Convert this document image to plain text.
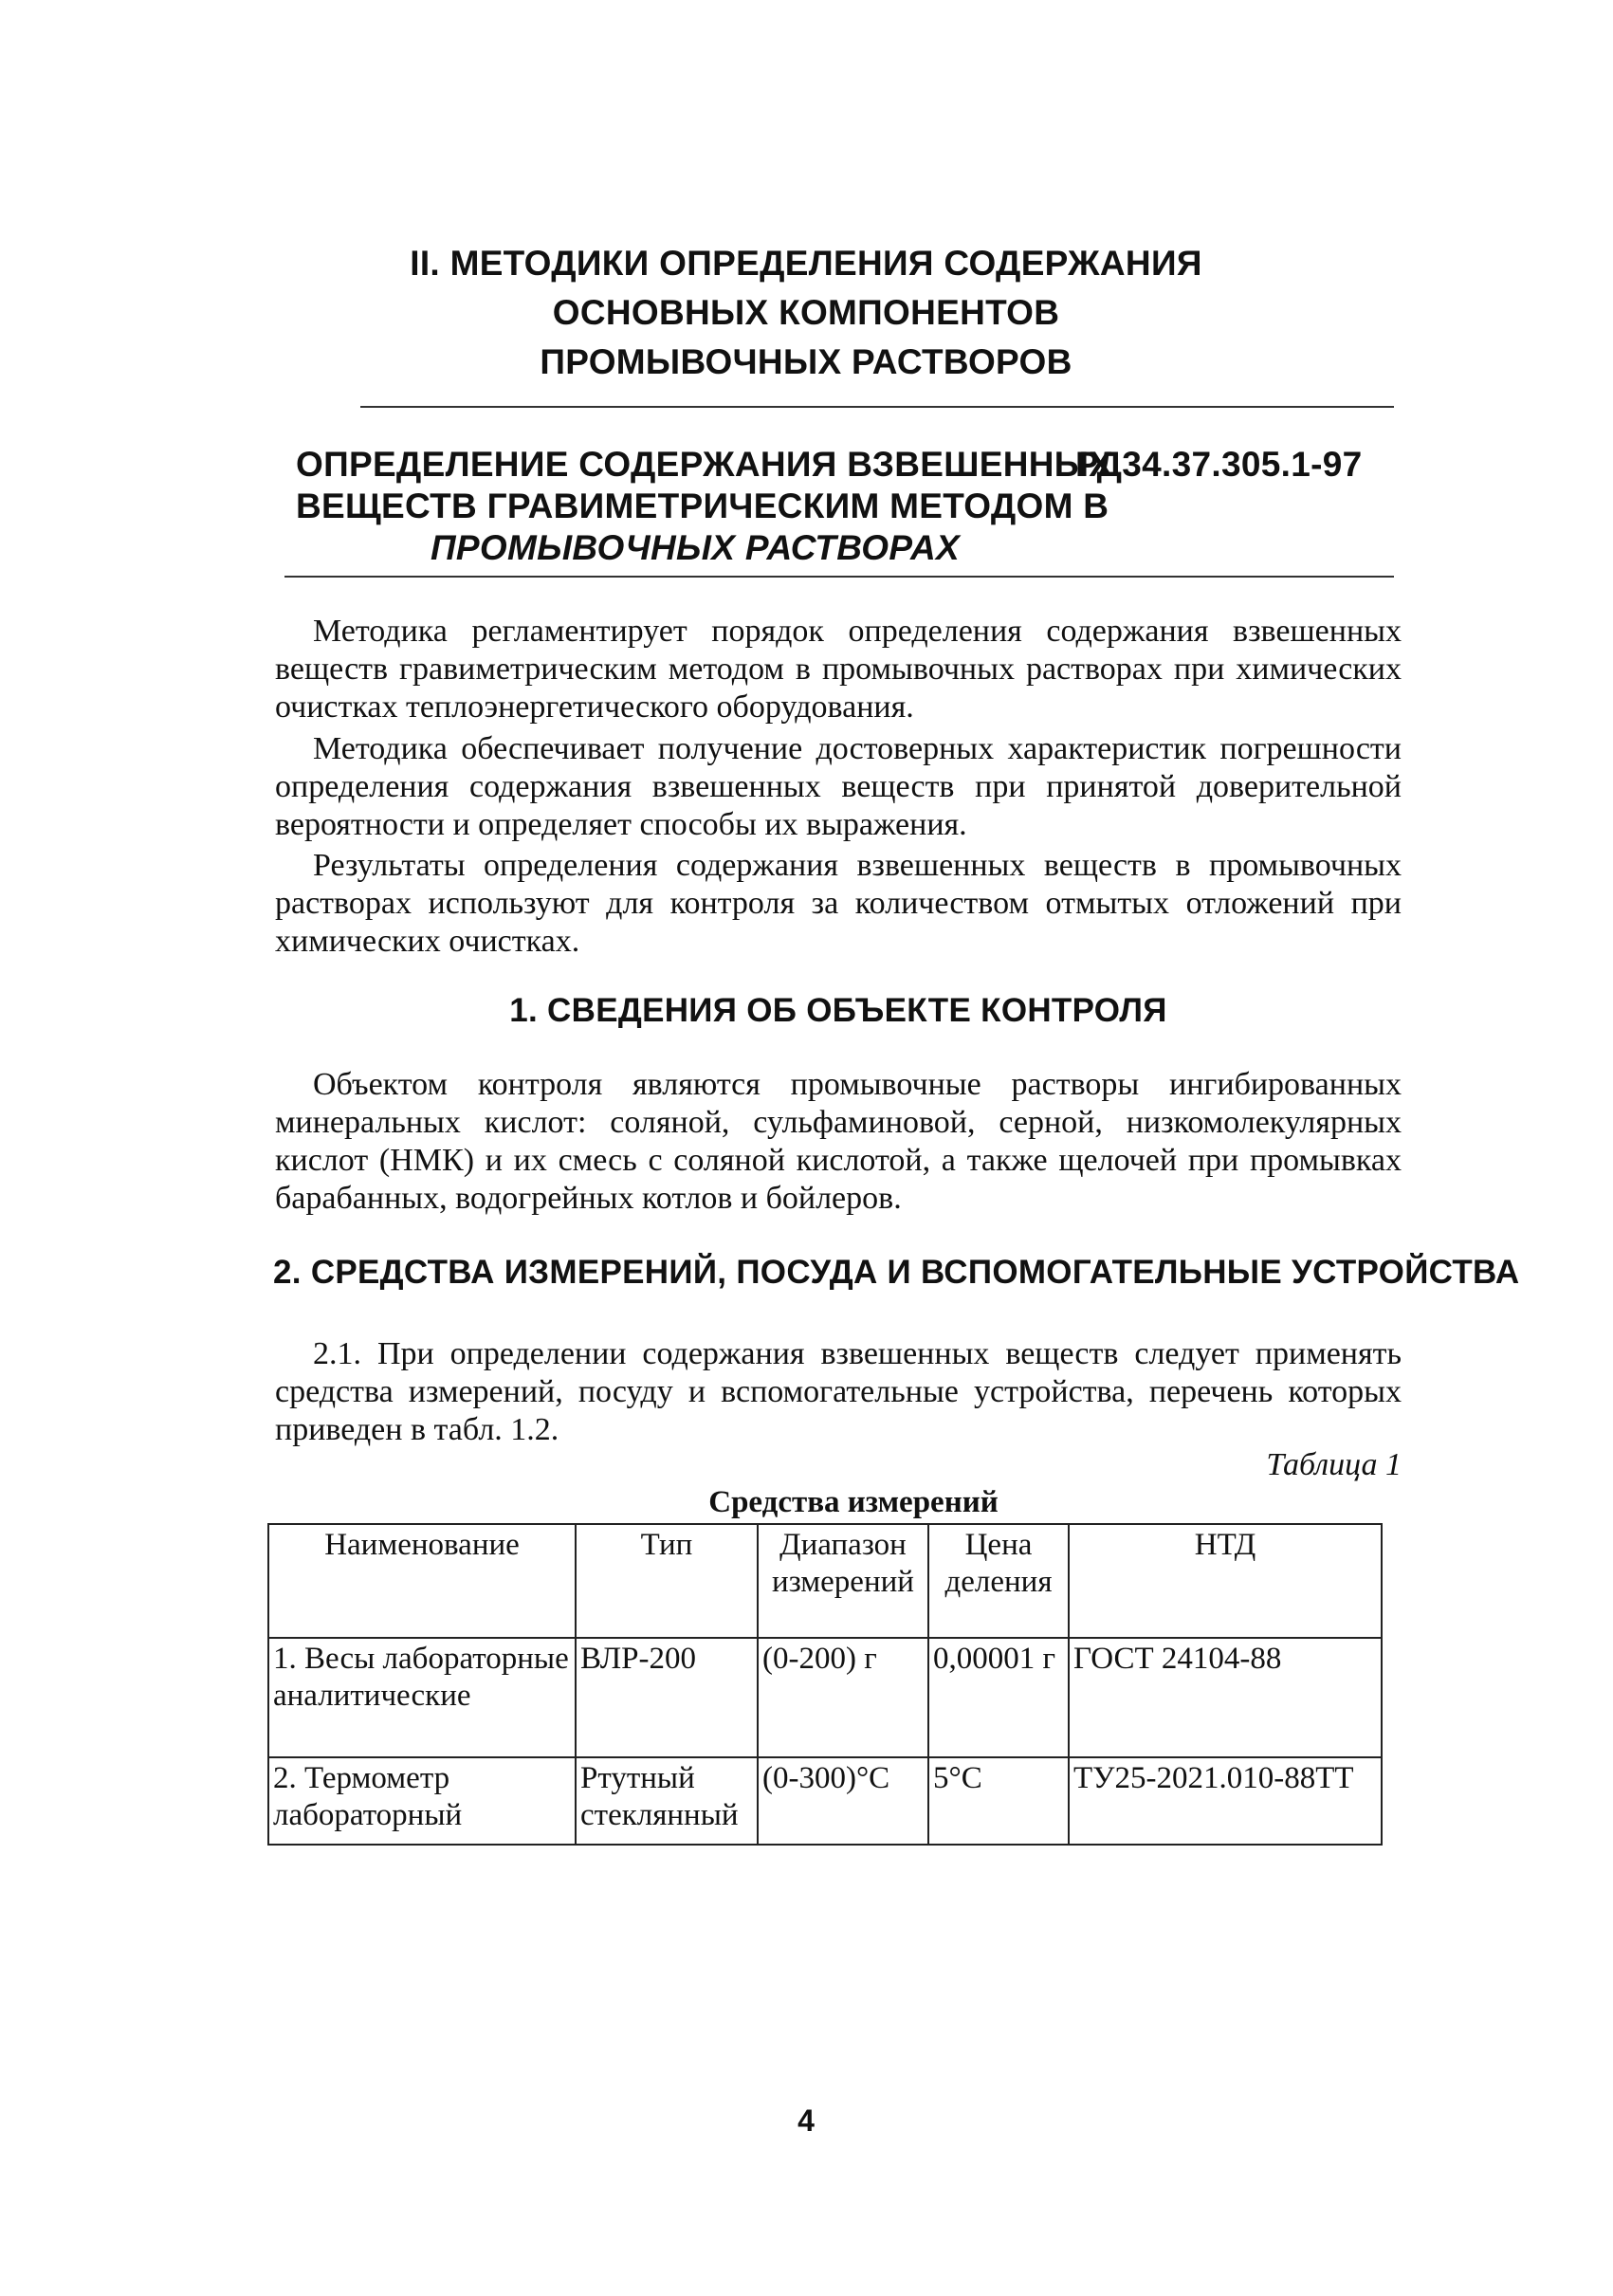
II. МЕТОДИКИ ОПРЕДЕЛЕНИЯ СОДЕРЖАНИЯ
ОСНОВНЫХ КОМПОНЕНТОВ
ПРОМЫВОЧНЫХ РАСТВОРОВ
ОПРЕДЕЛЕНИЕ СОДЕРЖАНИЯ ВЗВЕШЕННЫХ
РД34.37.305.1-97
ВЕЩЕСТВ ГРАВИМЕТРИЧЕСКИМ МЕТОДОМ В
ПРОМЫВОЧНЫХ РАСТВОРАХ
Методика регламентирует порядок определения содержания взвешенных веществ гравиметрическим методом в промывочных растворах при химических очистках теплоэнергетического оборудования.
Методика обеспечивает получение достоверных характеристик погрешности определения содержания взвешенных веществ при принятой доверительной вероятности и определяет способы их выражения.
Результаты определения содержания взвешенных веществ в промывочных растворах используют для контроля за количеством отмытых отложений при химических очистках.
1. СВЕДЕНИЯ ОБ ОБЪЕКТЕ КОНТРОЛЯ
Объектом контроля являются промывочные растворы ингибированных минеральных кислот: соляной, сульфаминовой, серной, низкомолекулярных кислот (НМК) и их смесь с соляной кислотой, а также щелочей при промывках барабанных, водогрейных котлов и бойлеров.
2. СРЕДСТВА ИЗМЕРЕНИЙ, ПОСУДА И ВСПОМОГАТЕЛЬНЫЕ УСТРОЙСТВА
2.1. При определении содержания взвешенных веществ следует применять средства измерений, посуду и вспомогательные устройства, перечень которых приведен в табл. 1.2.
Таблица 1
Средства измерений
Наименование	Тип	Диапазон измерений	Цена деления	НТД
1. Весы лабораторные аналитические	ВЛР-200	(0-200) г	0,00001 г	ГОСТ 24104-88
2. Термометр лабораторный	Ртутный стеклянный	(0-300)°С	5°С	ТУ25-2021.010-88ТТ
4
